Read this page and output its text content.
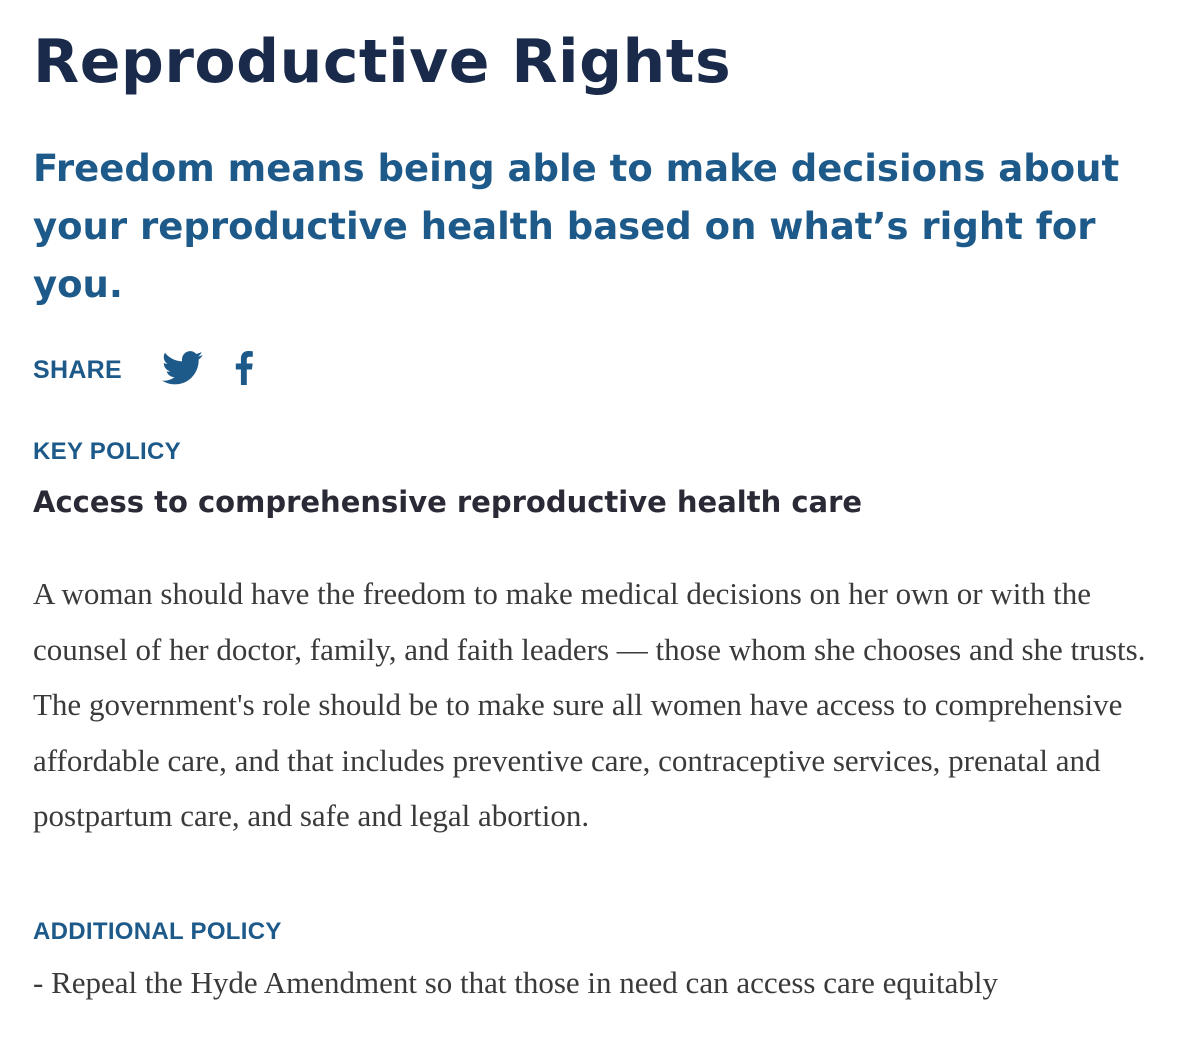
Reproductive Rights

Freedom means being able to make decisions about your reproductive health based on what’s right for you.

SHARE
KEY POLICY
Access to comprehensive reproductive health care

A woman should have the freedom to make medical decisions on her own or with the counsel of her doctor, family, and faith leaders — those whom she chooses and she trusts. The government's role should be to make sure all women have access to comprehensive affordable care, and that includes preventive care, contraceptive services, prenatal and postpartum care, and safe and legal abortion.

ADDITIONAL POLICY

- Repeal the Hyde Amendment so that those in need can access care equitably
